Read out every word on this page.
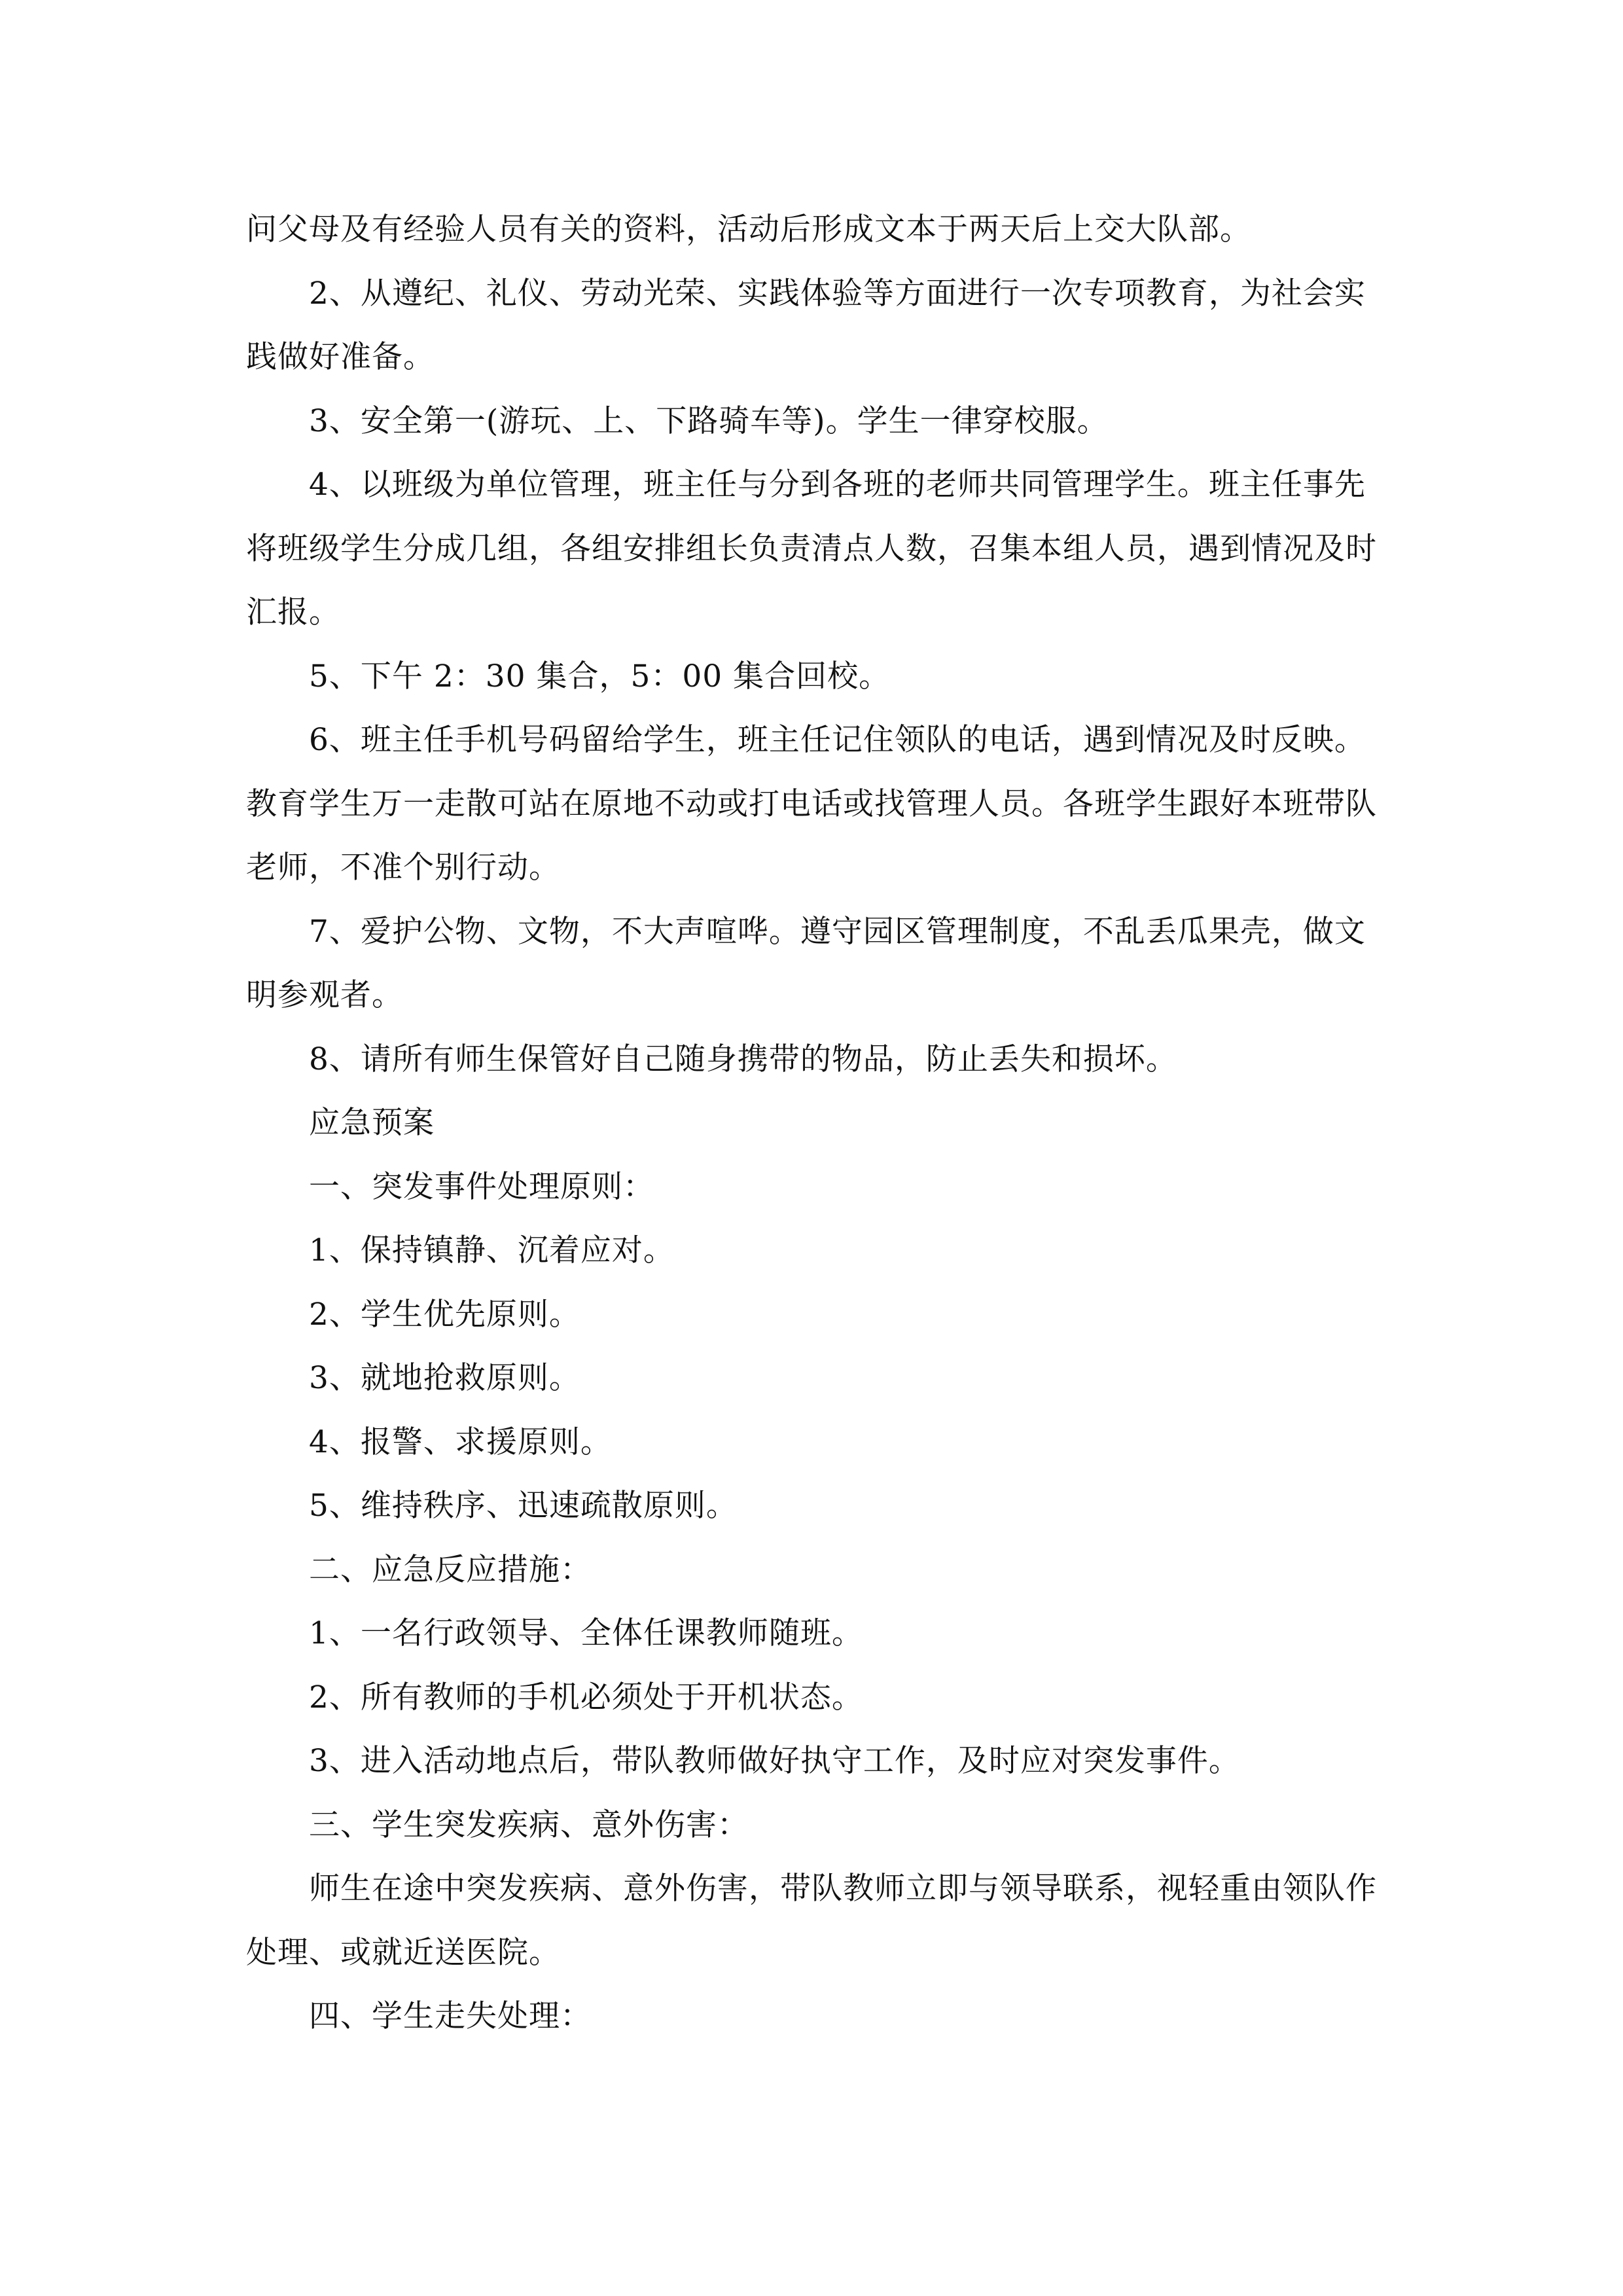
问父母及有经验人员有关的资料，活动后形成文本于两天后上交大队部。

2、从遵纪、礼仪、劳动光荣、实践体验等方面进行一次专项教育，为社会实践做好准备。

3、安全第一(游玩、上、下路骑车等)。学生一律穿校服。

4、以班级为单位管理，班主任与分到各班的老师共同管理学生。班主任事先将班级学生分成几组，各组安排组长负责清点人数，召集本组人员，遇到情况及时汇报。

5、下午 2：30 集合，5：00 集合回校。

6、班主任手机号码留给学生，班主任记住领队的电话，遇到情况及时反映。教育学生万一走散可站在原地不动或打电话或找管理人员。各班学生跟好本班带队老师，不准个别行动。

7、爱护公物、文物，不大声喧哗。遵守园区管理制度，不乱丢瓜果壳，做文明参观者。

8、请所有师生保管好自己随身携带的物品，防止丢失和损坏。

应急预案

一、突发事件处理原则：

1、保持镇静、沉着应对。

2、学生优先原则。

3、就地抢救原则。

4、报警、求援原则。

5、维持秩序、迅速疏散原则。

二、应急反应措施：

1、一名行政领导、全体任课教师随班。

2、所有教师的手机必须处于开机状态。

3、进入活动地点后，带队教师做好执守工作，及时应对突发事件。

三、学生突发疾病、意外伤害：

师生在途中突发疾病、意外伤害，带队教师立即与领导联系，视轻重由领队作处理、或就近送医院。

四、学生走失处理：
